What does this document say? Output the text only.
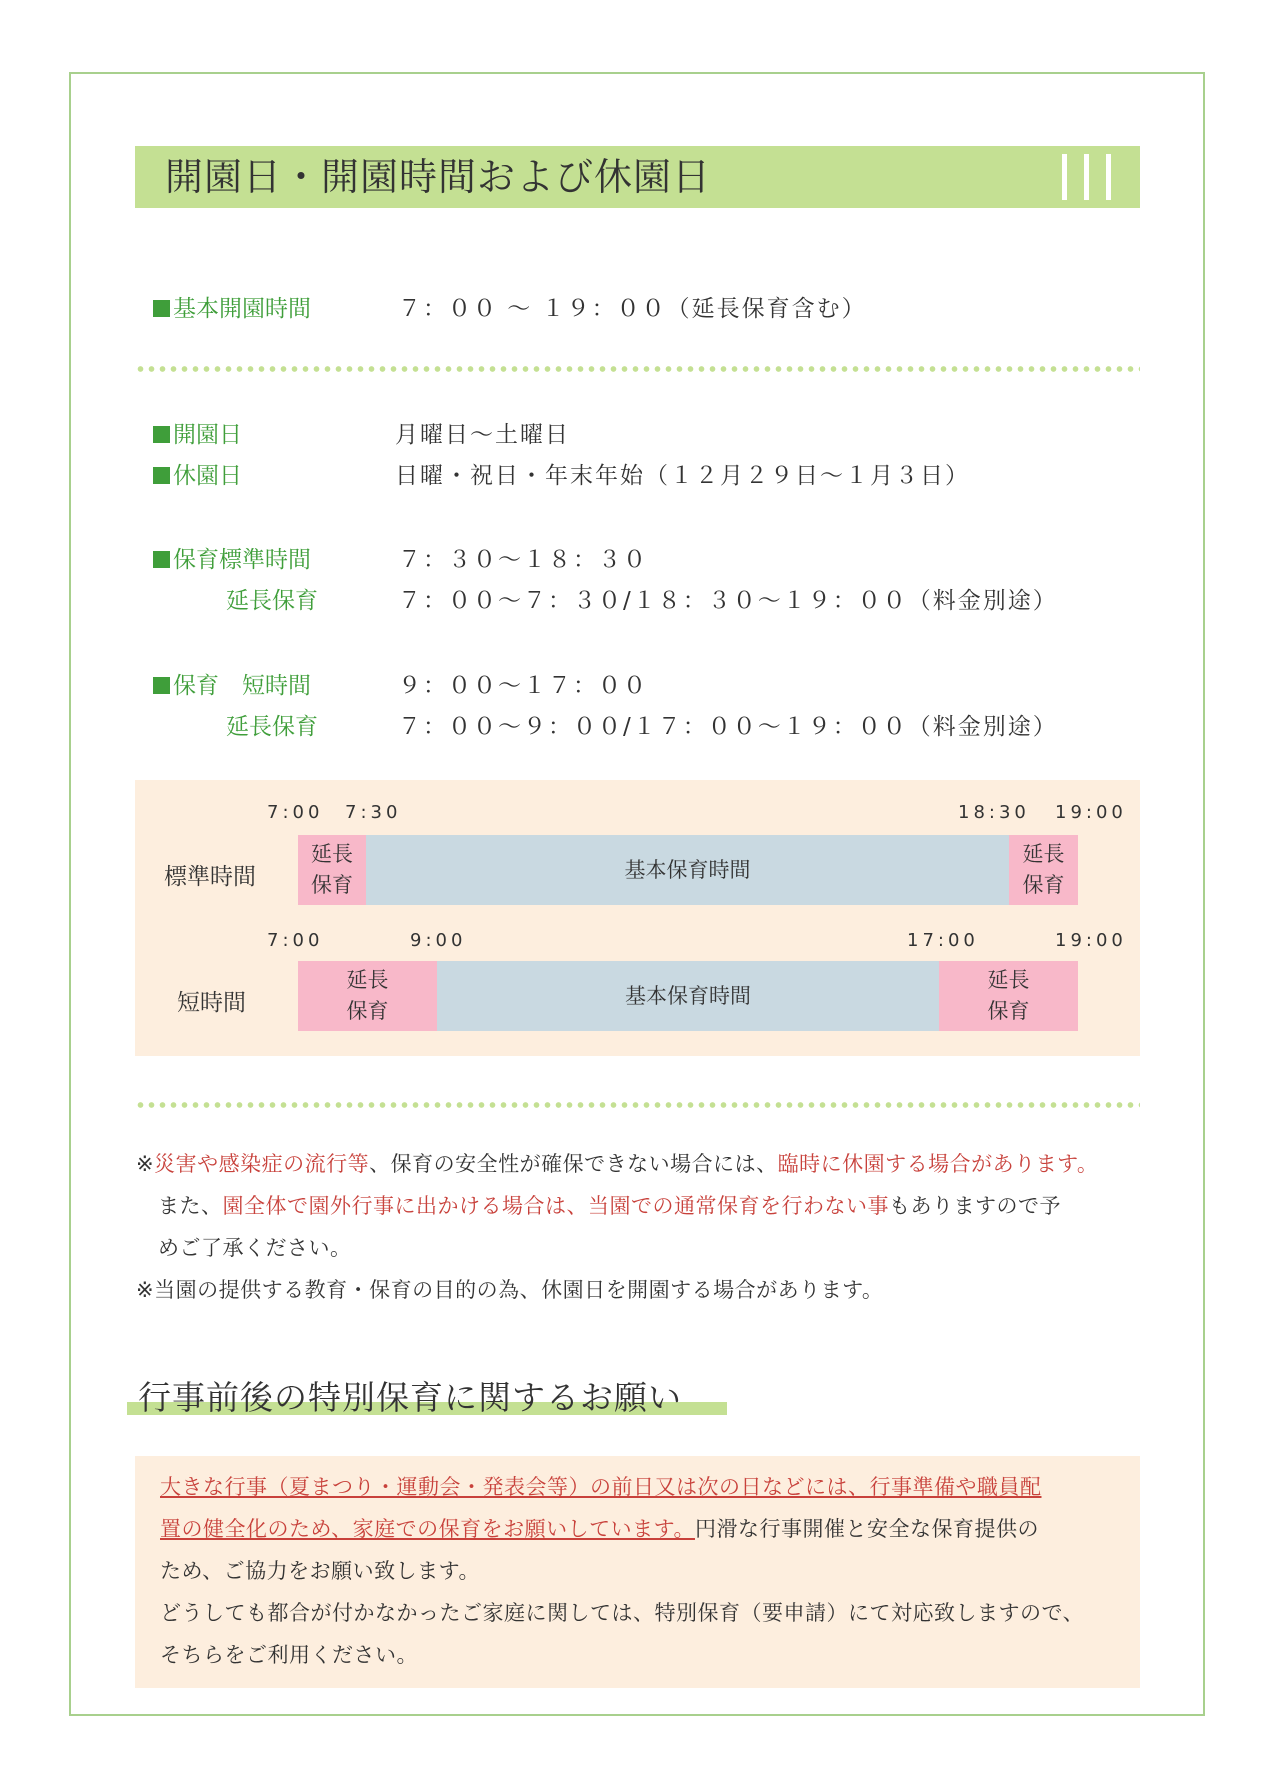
開園日・開園時間および休園日
基本開園時間	７：００ ～ １９：００（延長保育含む）
開園日	月曜日～土曜日
休園日	日曜・祝日・年末年始（１２月２９日～１月３日）
保育標準時間	７：３０～１８：３０
延長保育	７：００～７：３０/１８：３０～１９：００（料金別途）
保育　短時間	９：００～１７：００
延長保育	７：００～９：００/１７：００～１９：００（料金別途）
7:00 7:30	18:30 19:00
標準時間
延長
保育
基本保育時間
延長
保育
7:00	9:00	17:00	19:00
短時間
延長
保育
基本保育時間
延長
保育
※災害や感染症の流行等、保育の安全性が確保できない場合には、臨時に休園する場合があります。
また、園全体で園外行事に出かける場合は、当園での通常保育を行わない事もありますので予
めご了承ください。
※当園の提供する教育・保育の目的の為、休園日を開園する場合があります。
行事前後の特別保育に関するお願い

大きな行事（夏まつり・運動会・発表会等）の前日又は次の日などには、行事準備や職員配

置の健全化のため、家庭での保育をお願いしています。円滑な行事開催と安全な保育提供の

ため、ご協力をお願い致します。

どうしても都合が付かなかったご家庭に関しては、特別保育（要申請）にて対応致しますので、

そちらをご利用ください。
